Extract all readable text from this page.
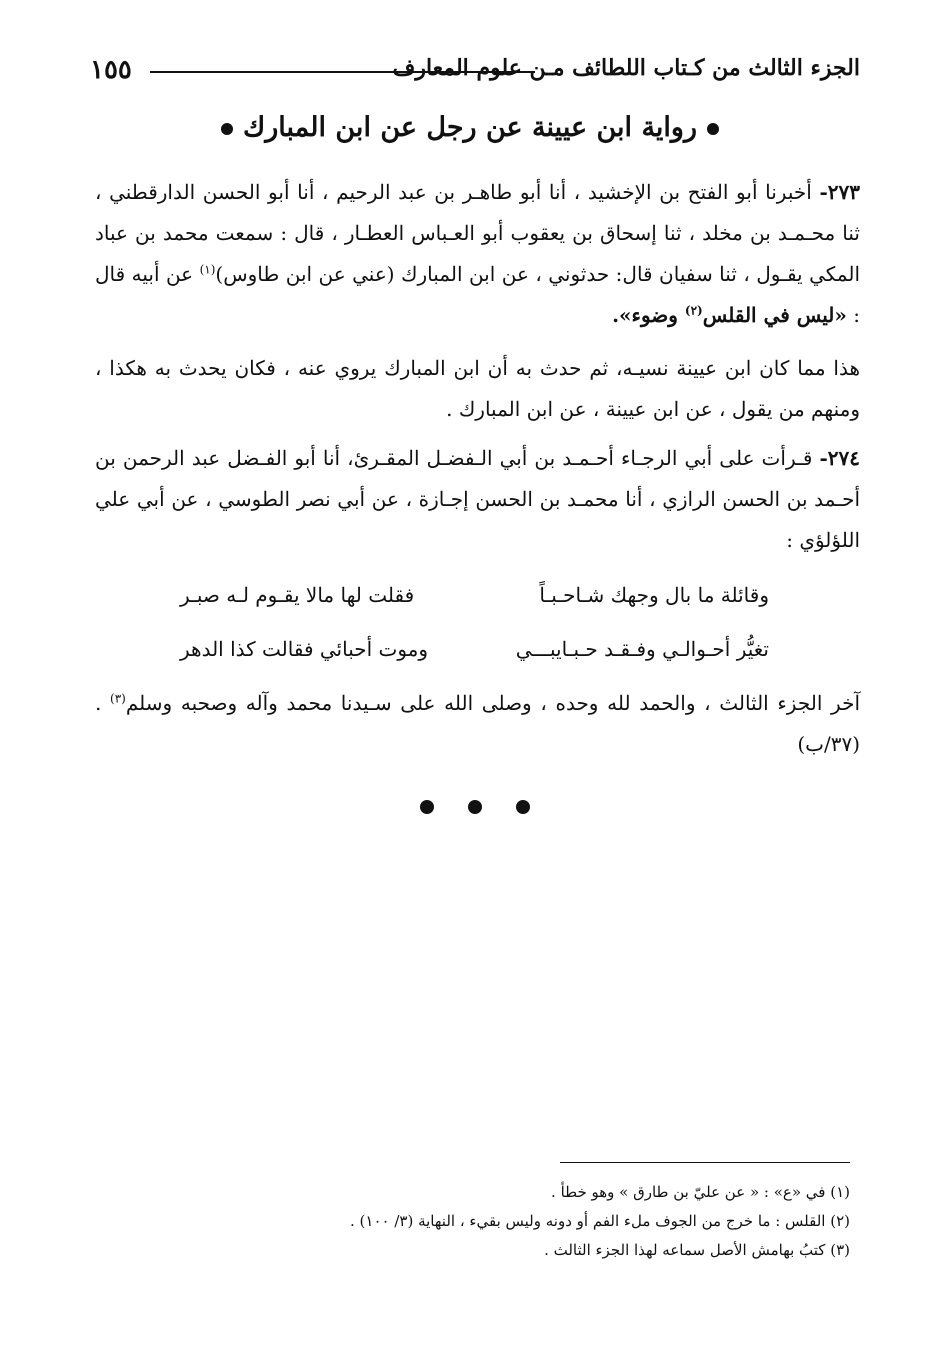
١٥٥	الجزء الثالث من كـتاب اللطائف مـن علوم المعارف
رواية ابن عيينة عن رجل عن ابن المبارك

٢٧٣- أخبرنا أبو الفتح بن الإخشيد ، أنا أبو طاهـر بن عبد الرحيم ، أنا أبو الحسن الدارقطني ، ثنا محـمـد بن مخلد ، ثنا إسحاق بن يعقوب أبو العـباس العطـار ، قال : سمعت محمد بن عباد المكي يقـول ، ثنا سفيان قال: حدثوني ، عن ابن المبارك (عني عن ابن طاوس)$^{(١)}$ عن أبيه قال : «ليس في القلس$^{(٢)}$ وضوء».

هذا مما كان ابن عيينة نسيـه، ثم حدث به أن ابن المبارك يروي عنه ، فكان يحدث به هكذا ، ومنهم من يقول ، عن ابن عيينة ، عن ابن المبارك .

٢٧٤- قـرأت على أبي الرجـاء أحـمـد بن أبي الـفضـل المقـرئ، أنا أبو الفـضل عبد الرحمن بن أحـمد بن الحسن الرازي ، أنا محمـد بن الحسن إجـازة ، عن أبي نصر الطوسي ، عن أبي علي اللؤلؤي :

وقائلة ما بال وجهك شـاحـبـاً
فقلت لها مالا يقـوم لـه صبـر
تغيُّر أحـوالـي وفـقـد حـبـايبـــي
وموت أحبائي فقالت كذا الدهر

آخر الجزء الثالث ، والحمد لله وحده ، وصلى الله على سـيدنا محمد وآله وصحبه وسلم$^{(٣)}$ . (٣٧/ب)

(١) في «ع» : « عن عليّ بن طارق » وهو خطأ .

(٢) القلس : ما خرج من الجوف ملء الفم أو دونه وليس بقيء ، النهاية (٣/ ١٠٠) .

(٣) كتبُ بهامش الأصل سماعه لهذا الجزء الثالث .
